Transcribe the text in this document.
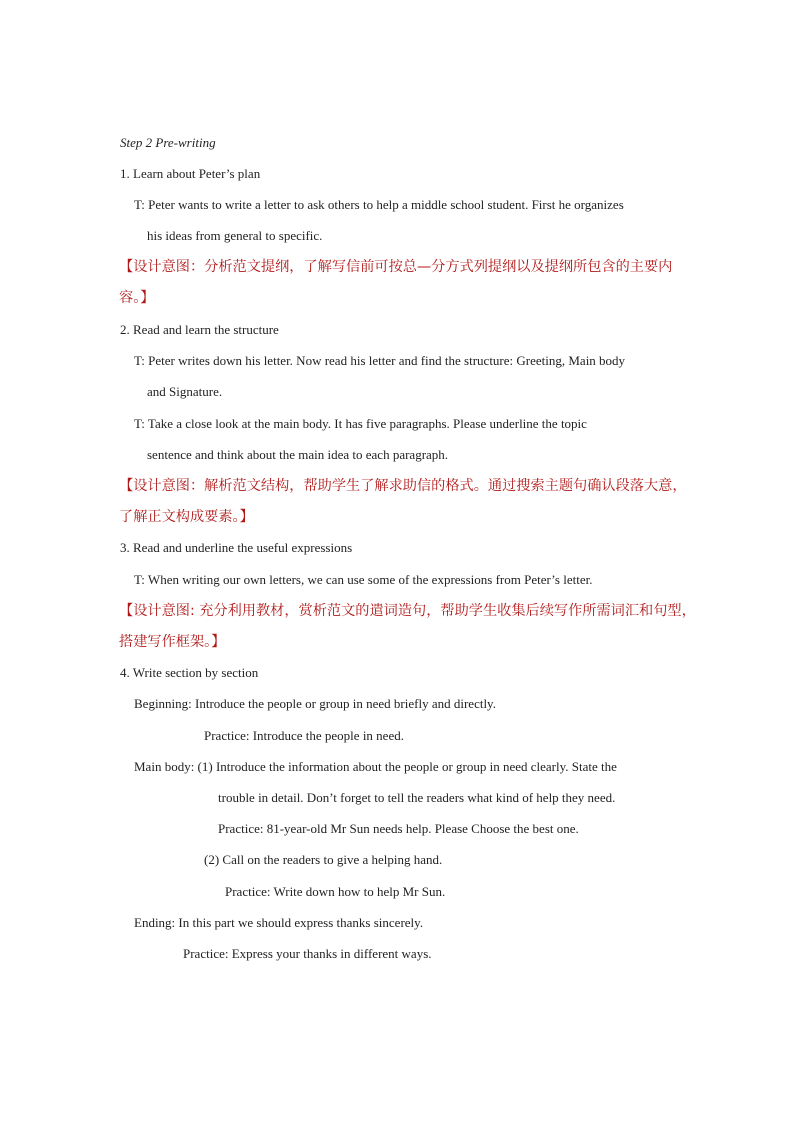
Step 2 Pre-writing
1. Learn about Peter’s plan
T: Peter wants to write a letter to ask others to help a middle school student. First he organizes
his ideas from general to specific.
【设计意图：分析范文提纲，了解写信前可按总—分方式列提纲以及提纲所包含的主要内
容。】
2. Read and learn the structure
T: Peter writes down his letter. Now read his letter and find the structure: Greeting, Main body
and Signature.
T: Take a close look at the main body. It has five paragraphs. Please underline the topic
sentence and think about the main idea to each paragraph.
【设计意图：解析范文结构，帮助学生了解求助信的格式。通过搜索主题句确认段落大意，
了解正文构成要素。】
3. Read and underline the useful expressions
T: When writing our own letters, we can use some of the expressions from Peter’s letter.
【设计意图: 充分利用教材，赏析范文的遣词造句，帮助学生收集后续写作所需词汇和句型，
搭建写作框架。】
4. Write section by section
Beginning: Introduce the people or group in need briefly and directly.
Practice: Introduce the people in need.
Main body: (1) Introduce the information about the people or group in need clearly. State the
trouble in detail. Don’t forget to tell the readers what kind of help they need.
Practice: 81-year-old Mr Sun needs help. Please Choose the best one.
(2) Call on the readers to give a helping hand.
Practice: Write down how to help Mr Sun.
Ending: In this part we should express thanks sincerely.
Practice: Express your thanks in different ways.
